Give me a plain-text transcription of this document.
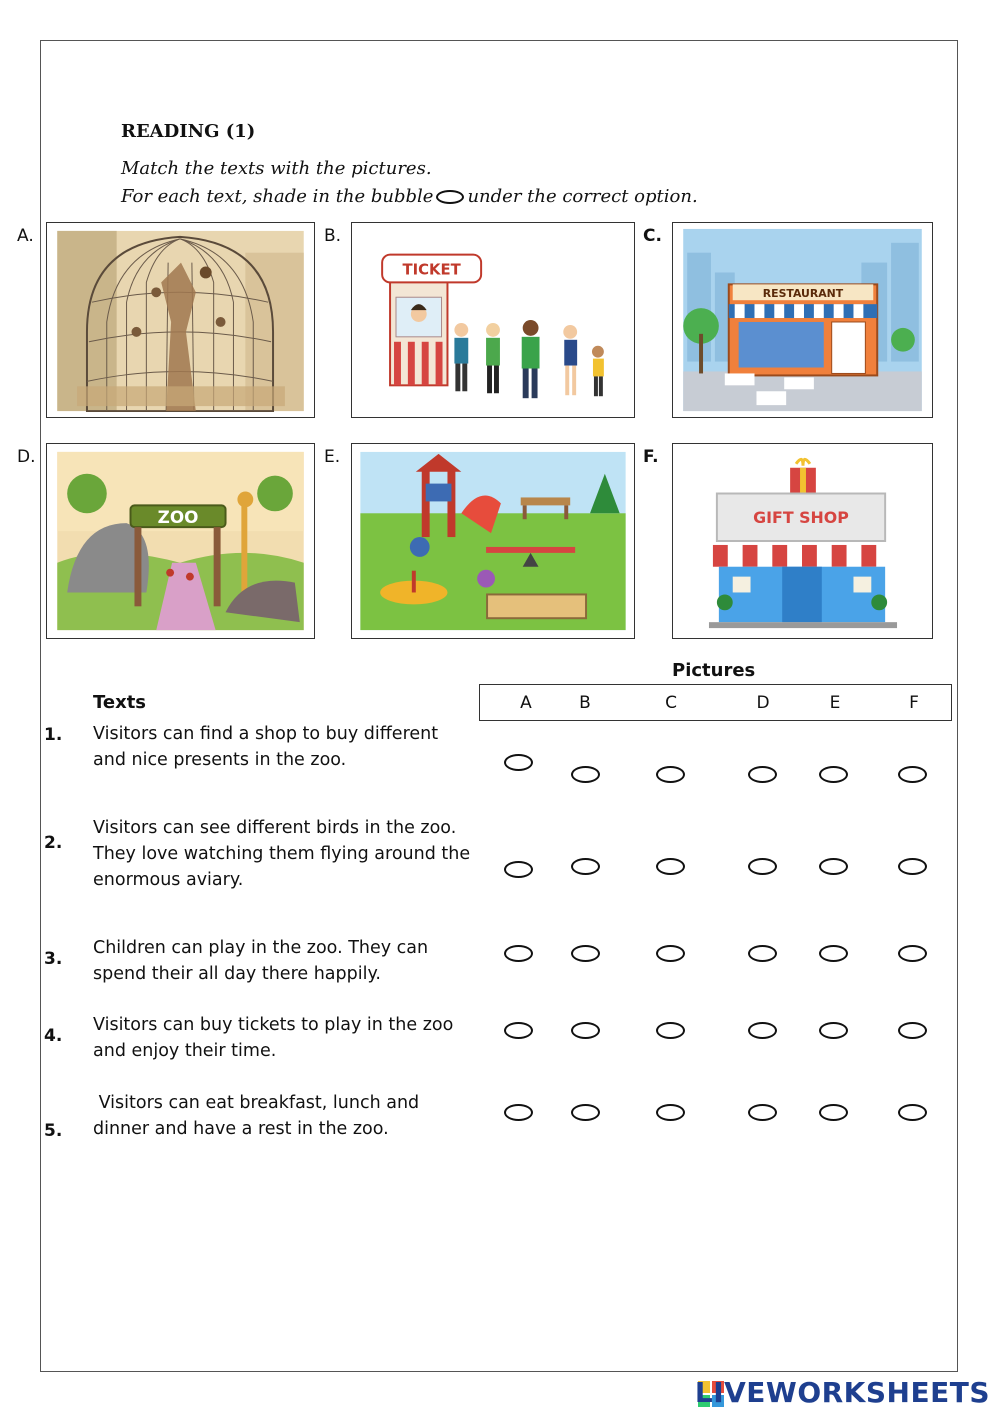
READING (1)
Match the texts with the pictures.
For each text, shade in the bubble under the correct option.
A.	B.	C.
D.	E.	F.
TICKET
RESTAURANT
ZOO	GIFT SHOP
Pictures
Texts	A	B	C	D	E	F
1. Visitors can find a shop to buy different and nice presents in the zoo.
2.
Visitors can see different birds in the zoo. They love watching them flying around the enormous aviary.
3.
Children can play in the zoo. They can spend their all day there happily.
4.
Visitors can buy tickets to play in the zoo and enjoy their time.
5.
Visitors can eat breakfast, lunch and dinner and have a rest in the zoo.
LIVEWORKSHEETS
